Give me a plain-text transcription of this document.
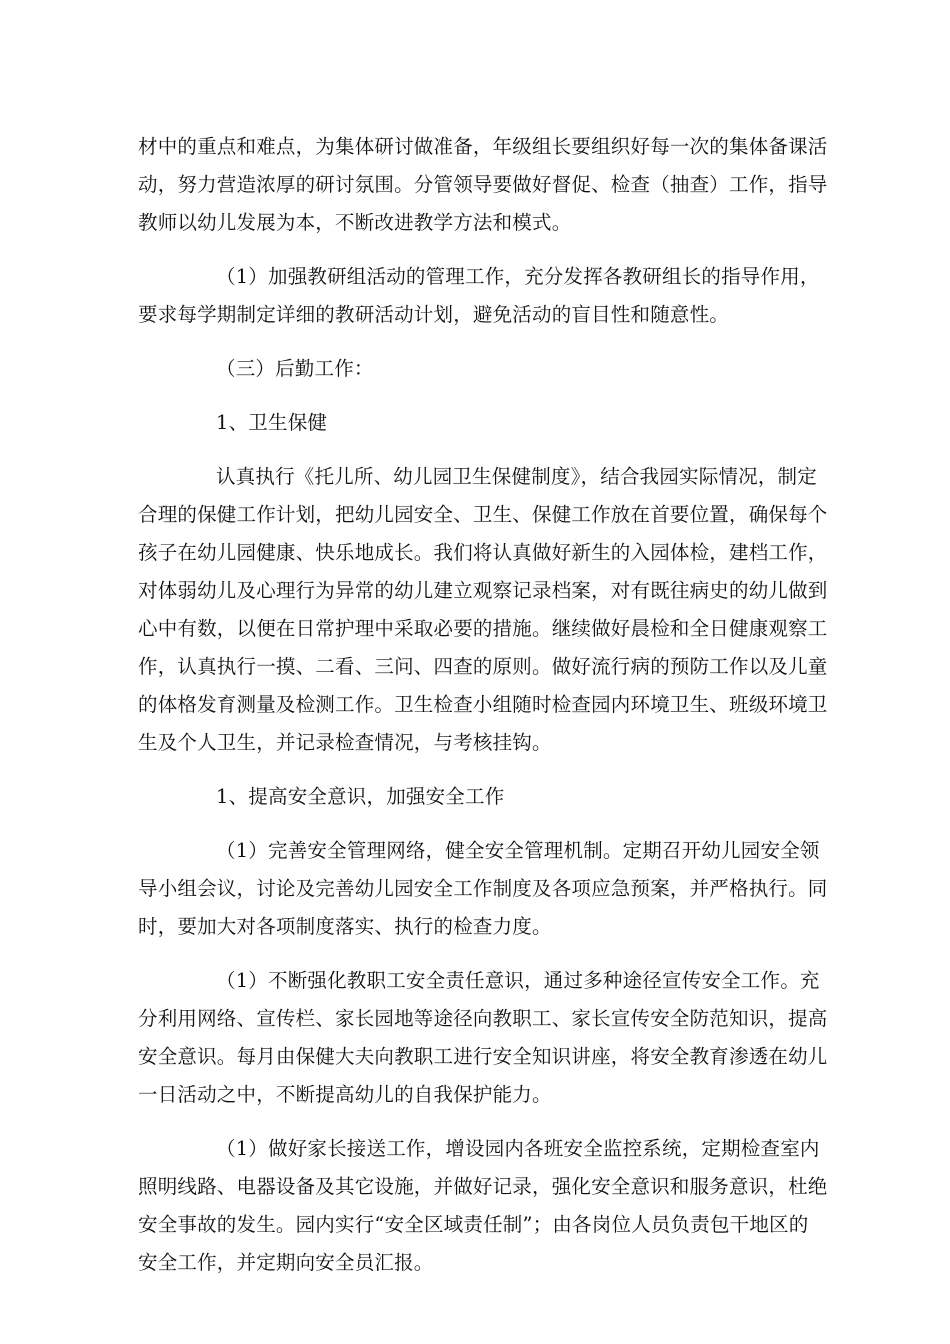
材中的重点和难点，为集体研讨做准备，年级组长要组织好每一次的集体备课活
动，努力营造浓厚的研讨氛围。分管领导要做好督促、检查（抽查）工作，指导
教师以幼儿发展为本，不断改进教学方法和模式。
（1）加强教研组活动的管理工作，充分发挥各教研组长的指导作用，
要求每学期制定详细的教研活动计划，避免活动的盲目性和随意性。
（三）后勤工作：
1、卫生保健
认真执行《托儿所、幼儿园卫生保健制度》，结合我园实际情况，制定
合理的保健工作计划，把幼儿园安全、卫生、保健工作放在首要位置，确保每个
孩子在幼儿园健康、快乐地成长。我们将认真做好新生的入园体检，建档工作，
对体弱幼儿及心理行为异常的幼儿建立观察记录档案，对有既往病史的幼儿做到
心中有数，以便在日常护理中采取必要的措施。继续做好晨检和全日健康观察工
作，认真执行一摸、二看、三问、四查的原则。做好流行病的预防工作以及儿童
的体格发育测量及检测工作。卫生检查小组随时检查园内环境卫生、班级环境卫
生及个人卫生，并记录检查情况，与考核挂钩。
1、提高安全意识，加强安全工作
（1）完善安全管理网络，健全安全管理机制。定期召开幼儿园安全领
导小组会议，讨论及完善幼儿园安全工作制度及各项应急预案，并严格执行。同
时，要加大对各项制度落实、执行的检查力度。
（1）不断强化教职工安全责任意识，通过多种途径宣传安全工作。充
分利用网络、宣传栏、家长园地等途径向教职工、家长宣传安全防范知识，提高
安全意识。每月由保健大夫向教职工进行安全知识讲座，将安全教育渗透在幼儿
一日活动之中，不断提高幼儿的自我保护能力。
（1）做好家长接送工作，增设园内各班安全监控系统，定期检查室内
照明线路、电器设备及其它设施，并做好记录，强化安全意识和服务意识，杜绝
安全事故的发生。园内实行“安全区域责任制”；由各岗位人员负责包干地区的
安全工作，并定期向安全员汇报。
